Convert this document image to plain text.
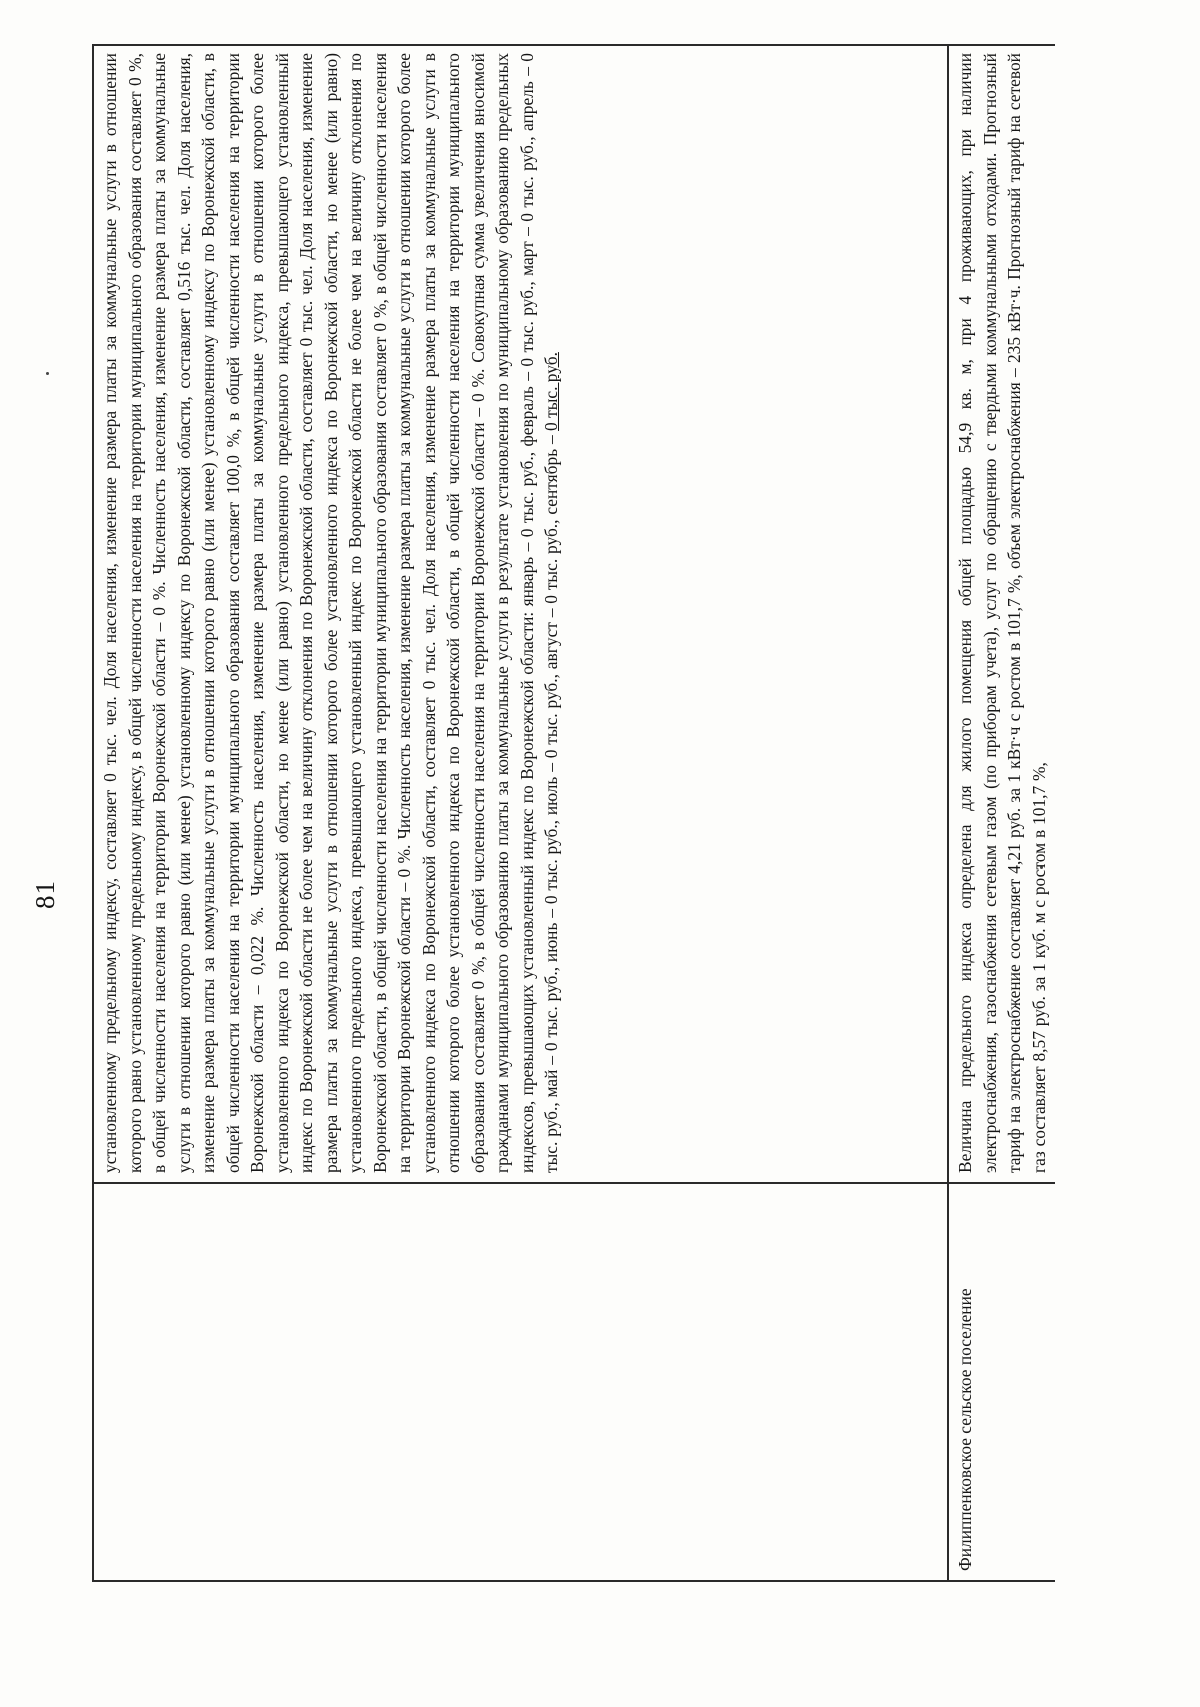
81
	установленному предельному индексу, составляет 0 тыс. чел. Доля населения, изменение размера платы за коммунальные услуги в отношении которого равно установленному предельному индексу, в общей численности населения на территории муниципального образования составляет 0 %, в общей численности населения на территории Воронежской области – 0 %. Численность населения, изменение размера платы за коммунальные услуги в отношении которого равно (или менее) установленному индексу по Воронежской области, составляет 0,516 тыс. чел. Доля населения, изменение размера платы за коммунальные услуги в отношении которого равно (или менее) установленному индексу по Воронежской области, в общей численности населения на территории муниципального образования составляет 100,0 %, в общей численности населения на территории Воронежской области – 0,022 %. Численность населения, изменение размера платы за коммунальные услуги в отношении которого более установленного индекса по Воронежской области, но менее (или равно) установленного предельного индекса, превышающего установленный индекс по Воронежской области не более чем на величину отклонения по Воронежской области, составляет 0 тыс. чел. Доля населения, изменение размера платы за коммунальные услуги в отношении которого более установленного индекса по Воронежской области, но менее (или равно) установленного предельного индекса, превышающего установленный индекс по Воронежской области не более чем на величину отклонения по Воронежской области, в общей численности населения на территории муниципального образования составляет 0 %, в общей численности населения на территории Воронежской области – 0 %. Численность населения, изменение размера платы за коммунальные услуги в отношении которого более установленного индекса по Воронежской области, составляет 0 тыс. чел. Доля населения, изменение размера платы за коммунальные услуги в отношении которого более установленного индекса по Воронежской области, в общей численности населения на территории муниципального образования составляет 0 %, в общей численности населения на территории Воронежской области – 0 %. Совокупная сумма увеличения вносимой гражданами муниципального образованию платы за коммунальные услуги в результате установления по муниципальному образованию предельных индексов, превышающих установленный индекс по Воронежской области: январь – 0 тыс. руб., февраль – 0 тыс. руб., март – 0 тыс. руб., апрель – 0 тыс. руб., май – 0 тыс. руб., июнь – 0 тыс. руб., июль – 0 тыс. руб., август – 0 тыс. руб., сентябрь – 0 тыс. руб.
Филиппенковское сельское поселение	Величина предельного индекса определена для жилого помещения общей площадью 54,9 кв. м, при 4 проживающих, при наличии электроснабжения, газоснабжения сетевым газом (по приборам учета), услуг по обращению с твердыми коммунальными отходами. Прогнозный тариф на электроснабжение составляет 4,21 руб. за 1 кВт·ч с ростом в 101,7 %, объем электроснабжения – 235 кВт·ч. Прогнозный тариф на сетевой газ составляет 8,57 руб. за 1 куб. м с ростом в 101,7 %,
